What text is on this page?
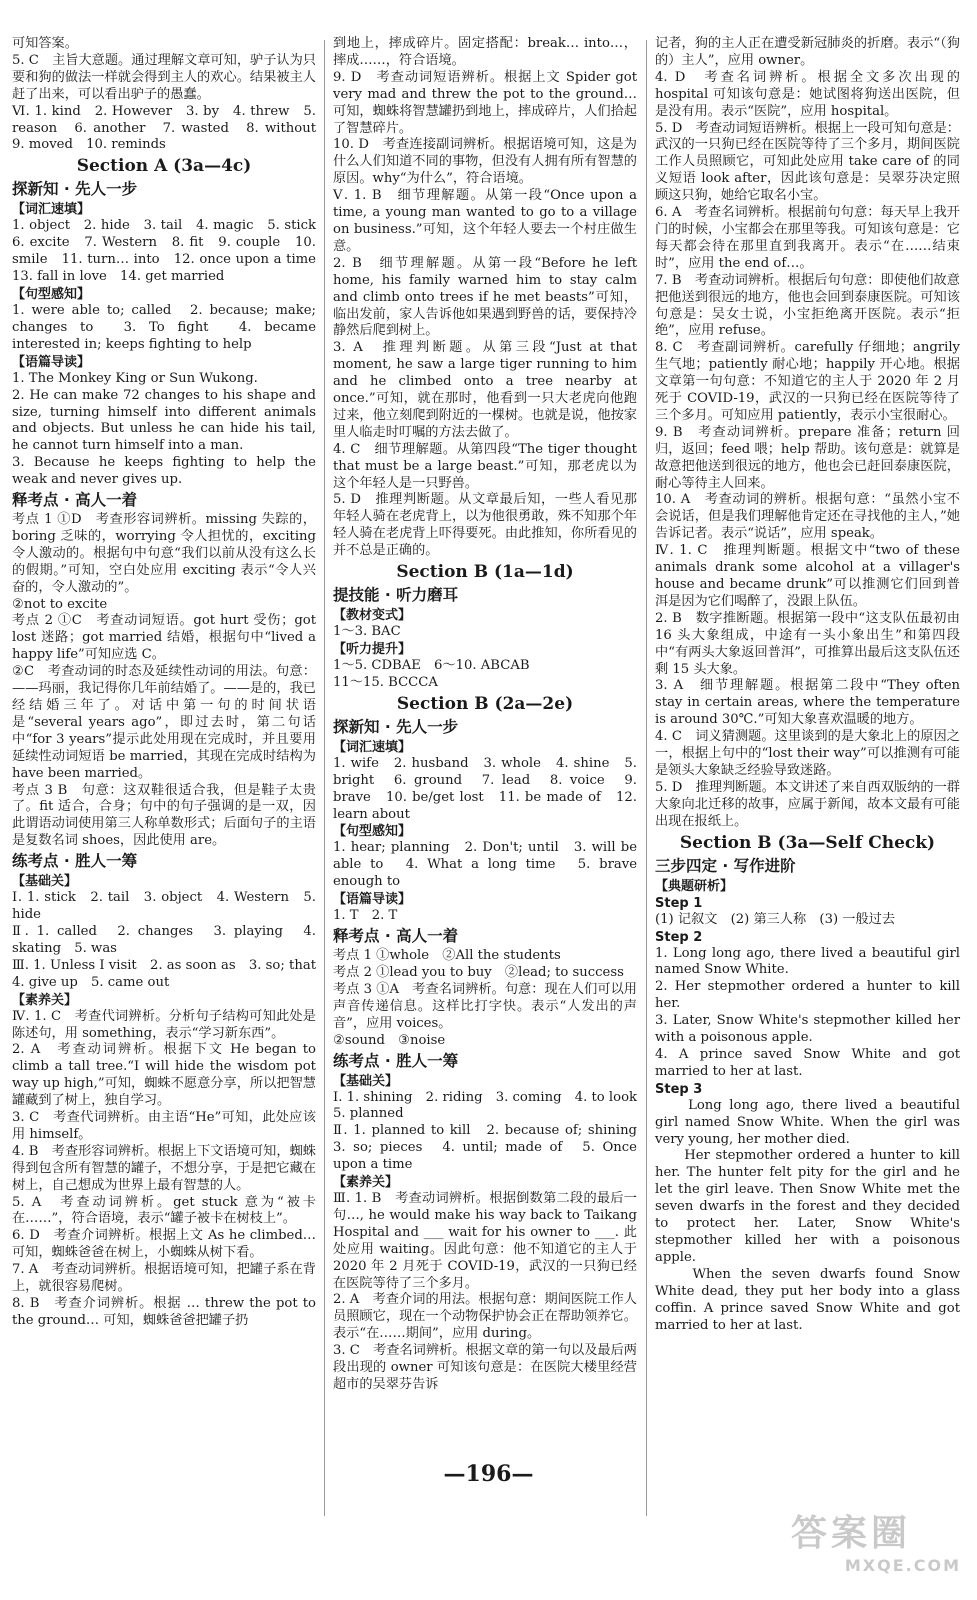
可知答案。
5. C　主旨大意题。通过理解文章可知，驴子认为只要和狗的做法一样就会得到主人的欢心。结果被主人赶了出来，可以看出驴子的愚蠢。
Ⅵ. 1. kind　2. However　3. by　4. threw　5. reason　6. another　7. wasted　8. without　9. moved　10. reminds
Section A (3a—4c)
探新知 · 先人一步
【词汇速填】
1. object　2. hide　3. tail　4. magic　5. stick　6. excite　7. Western　8. fit　9. couple　10. smile　11. turn… into　12. once upon a time　13. fall in love　14. get married
【句型感知】
1. were able to; called　2. because; make; changes to　3. To fight　4. became interested in; keeps fighting to help
【语篇导读】
1. The Monkey King or Sun Wukong.
2. He can make 72 changes to his shape and size, turning himself into different animals and objects. But unless he can hide his tail, he cannot turn himself into a man.
3. Because he keeps fighting to help the weak and never gives up.
释考点 · 高人一着
考点 1 ①D　考查形容词辨析。missing 失踪的，boring 乏味的，worrying 令人担忧的，exciting 令人激动的。根据句中句意“我们以前从没有这么长的假期。”可知，空白处应用 exciting 表示“令人兴奋的，令人激动的”。
②not to excite
考点 2 ①C　考查动词短语。got hurt 受伤；got lost 迷路；got married 结婚，根据句中“lived a happy life”可知应选 C。
②C　考查动词的时态及延续性动词的用法。句意：——玛丽，我记得你几年前结婚了。——是的，我已经结婚三年了。对话中第一句的时间状语是“several years ago”，即过去时，第二句话中“for 3 years”提示此处用现在完成时，并且要用延续性动词短语 be married，其现在完成时结构为 have been married。
考点 3 B　句意：这双鞋很适合我，但是鞋子太贵了。fit 适合，合身；句中的句子强调的是一双，因此谓语动词使用第三人称单数形式；后面句子的主语是复数名词 shoes，因此使用 are。
练考点 · 胜人一筹
【基础关】
Ⅰ. 1. stick　2. tail　3. object　4. Western　5. hide
Ⅱ. 1. called　2. changes　3. playing　4. skating　5. was
Ⅲ. 1. Unless I visit　2. as soon as　3. so; that　4. give up　5. came out
【素养关】
Ⅳ. 1. C　考查代词辨析。分析句子结构可知此处是陈述句，用 something，表示“学习新东西”。
2. A　考查动词辨析。根据下文 He began to climb a tall tree.“I will hide the wisdom pot way up high,”可知，蜘蛛不愿意分享，所以把智慧罐藏到了树上，独自学习。
3. C　考查代词辨析。由主语“He”可知，此处应该用 himself。
4. B　考查形容词辨析。根据上下文语境可知，蜘蛛得到包含所有智慧的罐子，不想分享，于是把它藏在树上，自己想成为世界上最有智慧的人。
5. A　考查动词辨析。get stuck 意为“被卡在……”，符合语境，表示“罐子被卡在树枝上”。
6. D　考查介词辨析。根据上文 As he climbed… 可知，蜘蛛爸爸在树上，小蜘蛛从树下看。
7. A　考查动词辨析。根据语境可知，把罐子系在背上，就很容易爬树。
8. B　考查介词辨析。根据 … threw the pot to the ground… 可知，蜘蛛爸爸把罐子扔
到地上，摔成碎片。固定搭配：break… into…，摔成……，符合语境。
9. D　考查动词短语辨析。根据上文 Spider got very mad and threw the pot to the ground… 可知，蜘蛛将智慧罐扔到地上，摔成碎片，人们拾起了智慧碎片。
10. D　考查连接副词辨析。根据语境可知，这是为什么人们知道不同的事物，但没有人拥有所有智慧的原因。why“为什么”，符合语境。
Ⅴ. 1. B　细节理解题。从第一段“Once upon a time, a young man wanted to go to a village on business.”可知，这个年轻人要去一个村庄做生意。
2. B　细节理解题。从第一段“Before he left home, his family warned him to stay calm and climb onto trees if he met beasts”可知，临出发前，家人告诉他如果遇到野兽的话，要保持冷静然后爬到树上。
3. A　推理判断题。从第三段“Just at that moment, he saw a large tiger running to him and he climbed onto a tree nearby at once.”可知，就在那时，他看到一只大老虎向他跑过来，他立刻爬到附近的一棵树。也就是说，他按家里人临走时叮嘱的方法去做了。
4. C　细节理解题。从第四段“The tiger thought that must be a large beast.”可知，那老虎以为这个年轻人是一只野兽。
5. D　推理判断题。从文章最后知，一些人看见那年轻人骑在老虎背上，以为他很勇敢，殊不知那个年轻人骑在老虎背上吓得要死。由此推知，你所看见的并不总是正确的。
Section B (1a—1d)
提技能 · 听力磨耳
【教材变式】
1～3. BAC
【听力提升】
1～5. CDBAE　6～10. ABCAB
11～15. BCCCA
Section B (2a—2e)
探新知 · 先人一步
【词汇速填】
1. wife　2. husband　3. whole　4. shine　5. bright　6. ground　7. lead　8. voice　9. brave　10. be/get lost　11. be made of　12. learn about
【句型感知】
1. hear; planning　2. Don't; until　3. will be able to　4. What a long time　5. brave enough to
【语篇导读】
1. T　2. T
释考点 · 高人一着
考点 1 ①whole　②All the students
考点 2 ①lead you to buy　②lead; to success
考点 3 ①A　考查名词辨析。句意：现在人们可以用声音传递信息。这样比打字快。表示“人发出的声音”，应用 voices。
②sound　③noise
练考点 · 胜人一筹
【基础关】
Ⅰ. 1. shining　2. riding　3. coming　4. to look　5. planned
Ⅱ. 1. planned to kill　2. because of; shining　3. so; pieces　4. until; made of　5. Once upon a time
【素养关】
Ⅲ. 1. B　考查动词辨析。根据倒数第二段的最后一句…, he would make his way back to Taikang Hospital and ___ wait for his owner to ___. 此处应用 waiting。因此句意：他不知道它的主人于 2020 年 2 月死于 COVID-19，武汉的一只狗已经在医院等待了三个多月。
2. A　考查介词的用法。根据句意：期间医院工作人员照顾它，现在一个动物保护协会正在帮助领养它。表示“在……期间”，应用 during。
3. C　考查名词辨析。根据文章的第一句以及最后两段出现的 owner 可知该句意是：在医院大楼里经营超市的吴翠芬告诉
记者，狗的主人正在遭受新冠肺炎的折磨。表示“（狗的）主人”，应用 owner。
4. D　考查名词辨析。根据全文多次出现的 hospital 可知该句意是：她试图将狗送出医院，但是没有用。表示“医院”，应用 hospital。
5. D　考查动词短语辨析。根据上一段可知句意是：武汉的一只狗已经在医院等待了三个多月，期间医院工作人员照顾它，可知此处应用 take care of 的同义短语 look after，因此该句意是：吴翠芬决定照顾这只狗，她给它取名小宝。
6. A　考查名词辨析。根据前句句意：每天早上我开门的时候，小宝都会在那里等我。可知该句意是：它每天都会待在那里直到我离开。表示“在……结束时”，应用 the end of…。
7. B　考查动词辨析。根据后句句意：即使他们故意把他送到很远的地方，他也会回到泰康医院。可知该句意是：吴女士说，小宝拒绝离开医院。表示“拒绝”，应用 refuse。
8. C　考查副词辨析。carefully 仔细地；angrily 生气地；patiently 耐心地；happily 开心地。根据文章第一句句意：不知道它的主人于 2020 年 2 月死于 COVID-19，武汉的一只狗已经在医院等待了三个多月。可知应用 patiently，表示小宝很耐心。
9. B　考查动词辨析。prepare 准备；return 回归，返回；feed 喂；help 帮助。该句意是：就算是故意把他送到很远的地方，他也会已赶回泰康医院，耐心等待主人回来。
10. A　考查动词的辨析。根据句意：“虽然小宝不会说话，但是我们理解他肯定还在寻找他的主人，”她告诉记者。表示“说话”，应用 speak。
Ⅳ. 1. C　推理判断题。根据文中“two of these animals drank some alcohol at a villager's house and became drunk”可以推测它们回到普洱是因为它们喝醉了，没跟上队伍。
2. B　数字推断题。根据第一段中“这支队伍最初由 16 头大象组成，中途有一头小象出生”和第四段中“有两头大象返回普洱”，可推算出最后这支队伍还剩 15 头大象。
3. A　细节理解题。根据第二段中“They often stay in certain areas, where the temperature is around 30℃.”可知大象喜欢温暖的地方。
4. C　词义猜测题。这里谈到的是大象北上的原因之一，根据上句中的“lost their way”可以推测有可能是领头大象缺乏经验导致迷路。
5. D　推理判断题。本文讲述了来自西双版纳的一群大象向北迁移的故事，应属于新闻，故本文最有可能出现在报纸上。
Section B (3a—Self Check)
三步四定 · 写作进阶
【典题研析】
Step 1
(1) 记叙文　(2) 第三人称　(3) 一般过去
Step 2
1. Long long ago, there lived a beautiful girl named Snow White.
2. Her stepmother ordered a hunter to kill her.
3. Later, Snow White's stepmother killed her with a poisonous apple.
4. A prince saved Snow White and got married to her at last.
Step 3
　　Long long ago, there lived a beautiful girl named Snow White. When the girl was very young, her mother died.
　　Her stepmother ordered a hunter to kill her. The hunter felt pity for the girl and he let the girl leave. Then Snow White met the seven dwarfs in the forest and they decided to protect her. Later, Snow White's stepmother killed her with a poisonous apple.
　　When the seven dwarfs found Snow White dead, they put her body into a glass coffin. A prince saved Snow White and got married to her at last.
—196—
答案圈
MXQE.COM
